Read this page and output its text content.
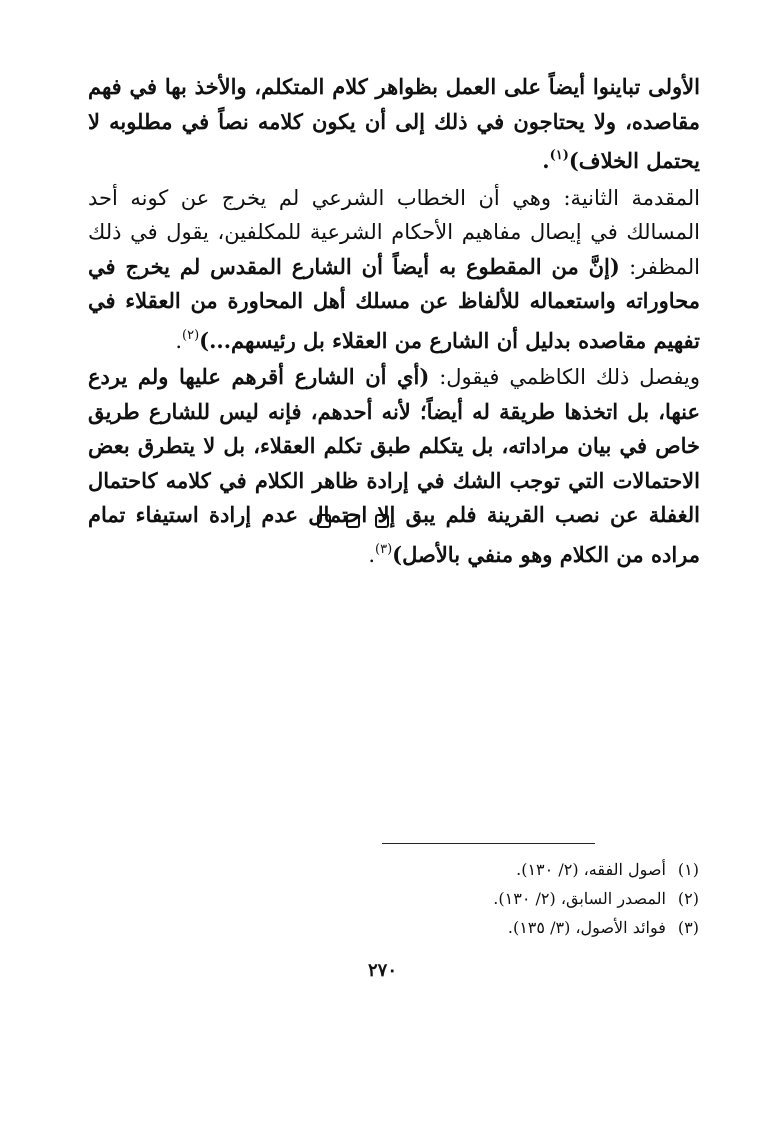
الأولى تباينوا أيضاً على العمل بظواهر كلام المتكلم، والأخذ بها في فهم مقاصده، ولا يحتاجون في ذلك إلى أن يكون كلامه نصاً في مطلوبه لا يحتمل الخلاف)$^{(١)}$.

المقدمة الثانية: وهي أن الخطاب الشرعي لم يخرج عن كونه أحد المسالك في إيصال مفاهيم الأحكام الشرعية للمكلفين، يقول في ذلك المظفر: (إنَّ من المقطوع به أيضاً أن الشارع المقدس لم يخرج في محاوراته واستعماله للألفاظ عن مسلك أهل المحاورة من العقلاء في تفهيم مقاصده بدليل أن الشارع من العقلاء بل رئيسهم...)$^{(٢)}$.

ويفصل ذلك الكاظمي فيقول: (أي أن الشارع أقرهم عليها ولم يردع عنها، بل اتخذها طريقة له أيضاً؛ لأنه أحدهم، فإنه ليس للشارع طريق خاص في بيان مراداته، بل يتكلم طبق تكلم العقلاء، بل لا يتطرق بعض الاحتمالات التي توجب الشك في إرادة ظاهر الكلام في كلامه كاحتمال الغفلة عن نصب القرينة فلم يبق إلا احتمال عدم إرادة استيفاء تمام مراده من الكلام وهو منفي بالأصل)$^{(٣)}$.

(١) أصول الفقه، (٢/ ١٣٠).
(٢) المصدر السابق، (٢/ ١٣٠).
(٣) فوائد الأصول، (٣/ ١٣٥).
٢٧٠
